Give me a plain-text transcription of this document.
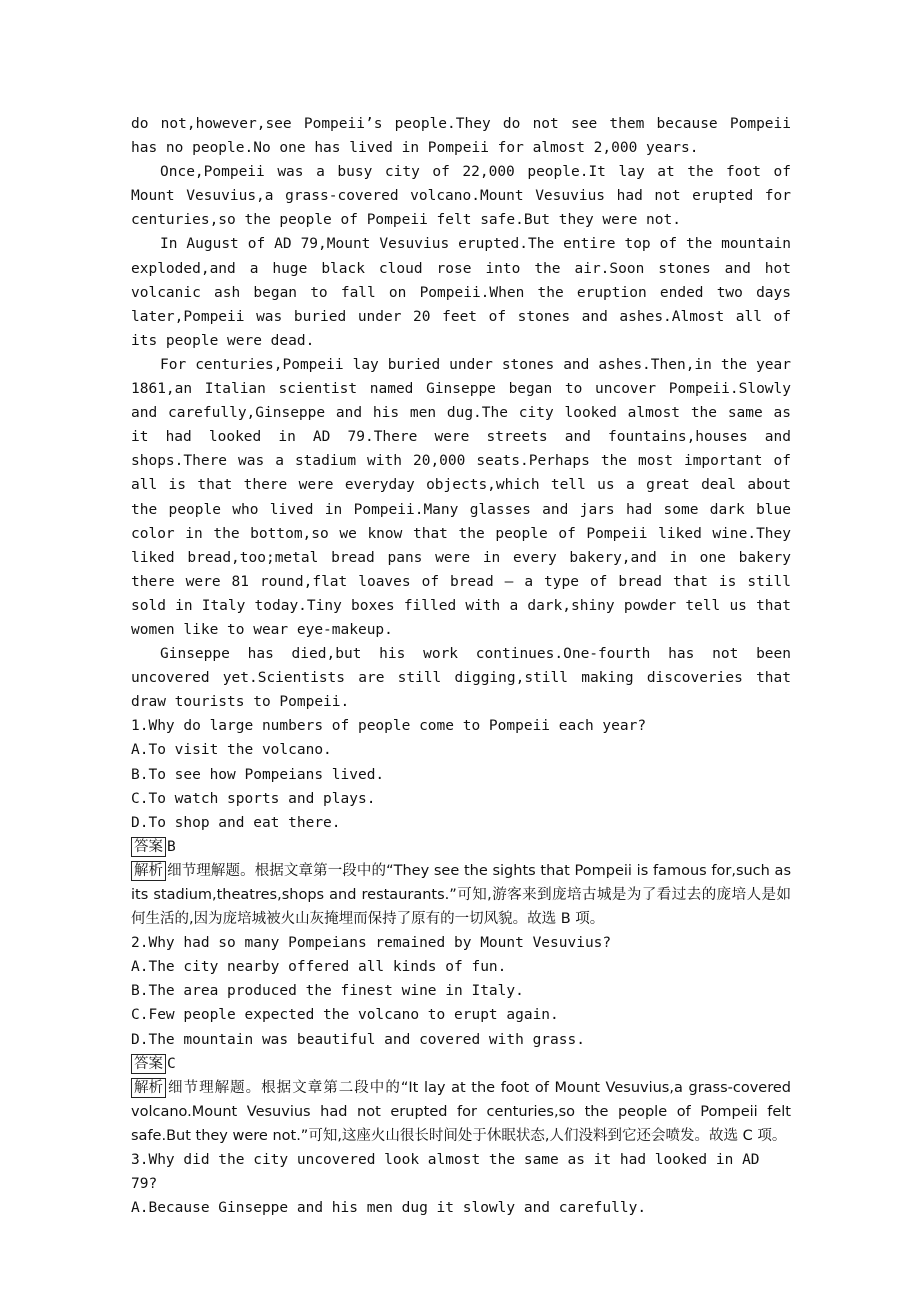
do not,however,see Pompeii’s people.They do not see them because Pompeii has no people.No one has lived in Pompeii for almost 2,000 years.
Once,Pompeii was a busy city of 22,000 people.It lay at the foot of Mount Vesuvius,a grass-covered volcano.Mount Vesuvius had not erupted for centuries,so the people of Pompeii felt safe.But they were not.
In August of AD 79,Mount Vesuvius erupted.The entire top of the mountain exploded,and a huge black cloud rose into the air.Soon stones and hot volcanic ash began to fall on Pompeii.When the eruption ended two days later,Pompeii was buried under 20 feet of stones and ashes.Almost all of its people were dead.
For centuries,Pompeii lay buried under stones and ashes.Then,in the year 1861,an Italian scientist named Ginseppe began to uncover Pompeii.Slowly and carefully,Ginseppe and his men dug.The city looked almost the same as it had looked in AD 79.There were streets and fountains,houses and shops.There was a stadium with 20,000 seats.Perhaps the most important of all is that there were everyday objects,which tell us a great deal about the people who lived in Pompeii.Many glasses and jars had some dark blue color in the bottom,so we know that the people of Pompeii liked wine.They liked bread,too;metal bread pans were in every bakery,and in one bakery there were 81 round,flat loaves of bread — a type of bread that is still sold in Italy today.Tiny boxes filled with a dark,shiny powder tell us that women like to wear eye-makeup.
Ginseppe has died,but his work continues.One-fourth has not been uncovered yet.Scientists are still digging,still making discoveries that draw tourists to Pompeii.
1.Why do large numbers of people come to Pompeii each year?
A.To visit the volcano.
B.To see how Pompeians lived.
C.To watch sports and plays.
D.To shop and eat there.
答案 B
解析 细节理解题。根据文章第一段中的“They see the sights that Pompeii is famous for,such as its stadium,theatres,shops and restaurants.”可知,游客来到庞培古城是为了看过去的庞培人是如何生活的,因为庞培城被火山灰掩埋而保持了原有的一切风貌。故选 B 项。
2.Why had so many Pompeians remained by Mount Vesuvius?
A.The city nearby offered all kinds of fun.
B.The area produced the finest wine in Italy.
C.Few people expected the volcano to erupt again.
D.The mountain was beautiful and covered with grass.
答案 C
解析 细节理解题。根据文章第二段中的“It lay at the foot of Mount Vesuvius,a grass-covered volcano.Mount Vesuvius had not erupted for centuries,so the people of Pompeii felt safe.But they were not.”可知,这座火山很长时间处于休眠状态,人们没料到它还会喷发。故选 C 项。
3.Why did the city uncovered look almost the same as it had looked in AD 79?
A.Because Ginseppe and his men dug it slowly and carefully.
